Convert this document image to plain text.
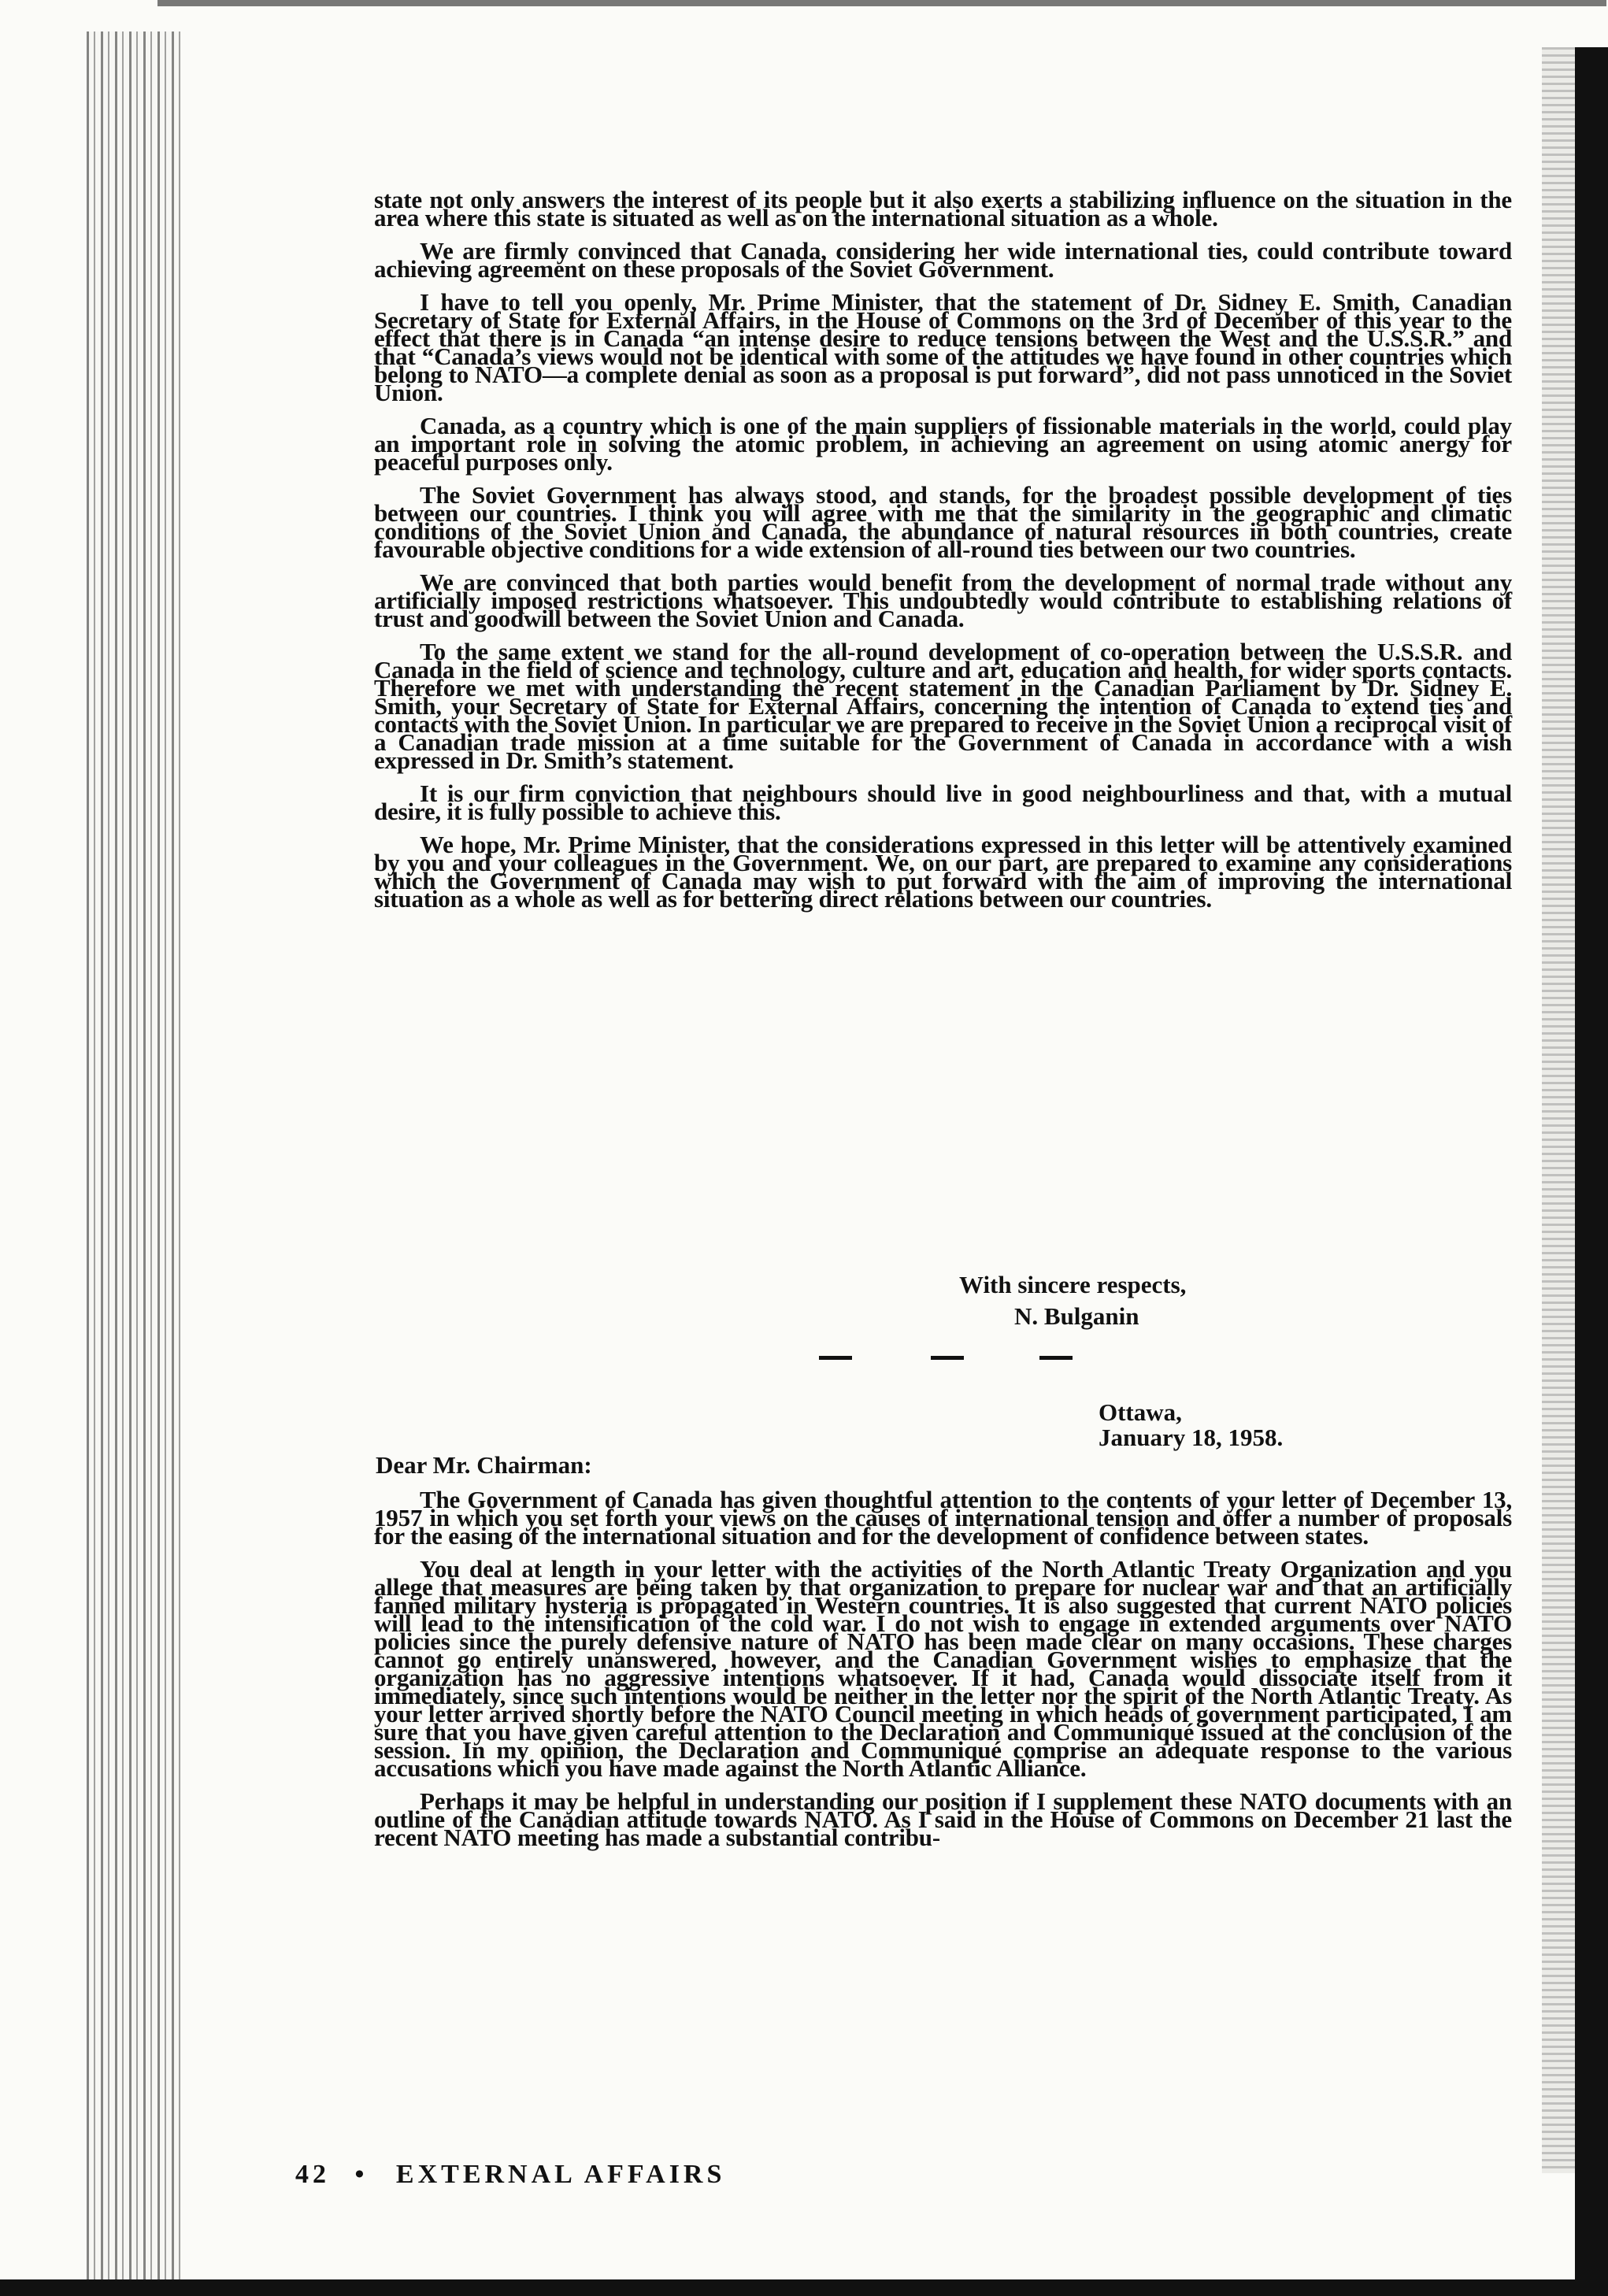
state not only answers the interest of its people but it also exerts a stabilizing influence on the situation in the area where this state is situated as well as on the international situation as a whole.

We are firmly convinced that Canada, considering her wide international ties, could contribute toward achieving agreement on these proposals of the Soviet Government.

I have to tell you openly, Mr. Prime Minister, that the statement of Dr. Sidney E. Smith, Canadian Secretary of State for External Affairs, in the House of Commons on the 3rd of December of this year to the effect that there is in Canada “an intense desire to reduce tensions between the West and the U.S.S.R.” and that “Canada’s views would not be identical with some of the attitudes we have found in other countries which belong to NATO—a complete denial as soon as a proposal is put forward”, did not pass unnoticed in the Soviet Union.

Canada, as a country which is one of the main suppliers of fissionable materials in the world, could play an important role in solving the atomic problem, in achieving an agreement on using atomic anergy for peaceful purposes only.

The Soviet Government has always stood, and stands, for the broadest possible development of ties between our countries. I think you will agree with me that the similarity in the geographic and climatic conditions of the Soviet Union and Canada, the abundance of natural resources in both countries, create favourable objective conditions for a wide extension of all-round ties between our two countries.

We are convinced that both parties would benefit from the development of normal trade without any artificially imposed restrictions whatsoever. This undoubtedly would contribute to establishing relations of trust and goodwill between the Soviet Union and Canada.

To the same extent we stand for the all-round development of co-operation between the U.S.S.R. and Canada in the field of science and technology, culture and art, education and health, for wider sports contacts. Therefore we met with understanding the recent statement in the Canadian Parliament by Dr. Sidney E. Smith, your Secretary of State for External Affairs, concerning the intention of Canada to extend ties and contacts with the Soviet Union. In particular we are prepared to receive in the Soviet Union a reciprocal visit of a Canadian trade mission at a time suitable for the Government of Canada in accordance with a wish expressed in Dr. Smith’s statement.

It is our firm conviction that neighbours should live in good neighbourliness and that, with a mutual desire, it is fully possible to achieve this.

We hope, Mr. Prime Minister, that the considerations expressed in this letter will be attentively examined by you and your colleagues in the Government. We, on our part, are prepared to examine any considerations which the Government of Canada may wish to put forward with the aim of improving the international situation as a whole as well as for bettering direct relations between our countries.

With sincere respects,
N. Bulganin
Ottawa,
January 18, 1958.
Dear Mr. Chairman:

The Government of Canada has given thoughtful attention to the contents of your letter of December 13, 1957 in which you set forth your views on the causes of international tension and offer a number of proposals for the easing of the international situation and for the development of confidence between states.

You deal at length in your letter with the activities of the North Atlantic Treaty Organization and you allege that measures are being taken by that organization to prepare for nuclear war and that an artificially fanned military hysteria is propagated in Western countries. It is also suggested that current NATO policies will lead to the intensification of the cold war. I do not wish to engage in extended arguments over NATO policies since the purely defensive nature of NATO has been made clear on many occasions. These charges cannot go entirely unanswered, however, and the Canadian Government wishes to emphasize that the organization has no aggressive intentions whatsoever. If it had, Canada would dissociate itself from it immediately, since such intentions would be neither in the letter nor the spirit of the North Atlantic Treaty. As your letter arrived shortly before the NATO Council meeting in which heads of government participated, I am sure that you have given careful attention to the Declaration and Communiqué issued at the conclusion of the session. In my opinion, the Declaration and Communiqué comprise an adequate response to the various accusations which you have made against the North Atlantic Alliance.

Perhaps it may be helpful in understanding our position if I supplement these NATO documents with an outline of the Canadian attitude towards NATO. As I said in the House of Commons on December 21 last the recent NATO meeting has made a substantial contribu-

42 • EXTERNAL AFFAIRS
